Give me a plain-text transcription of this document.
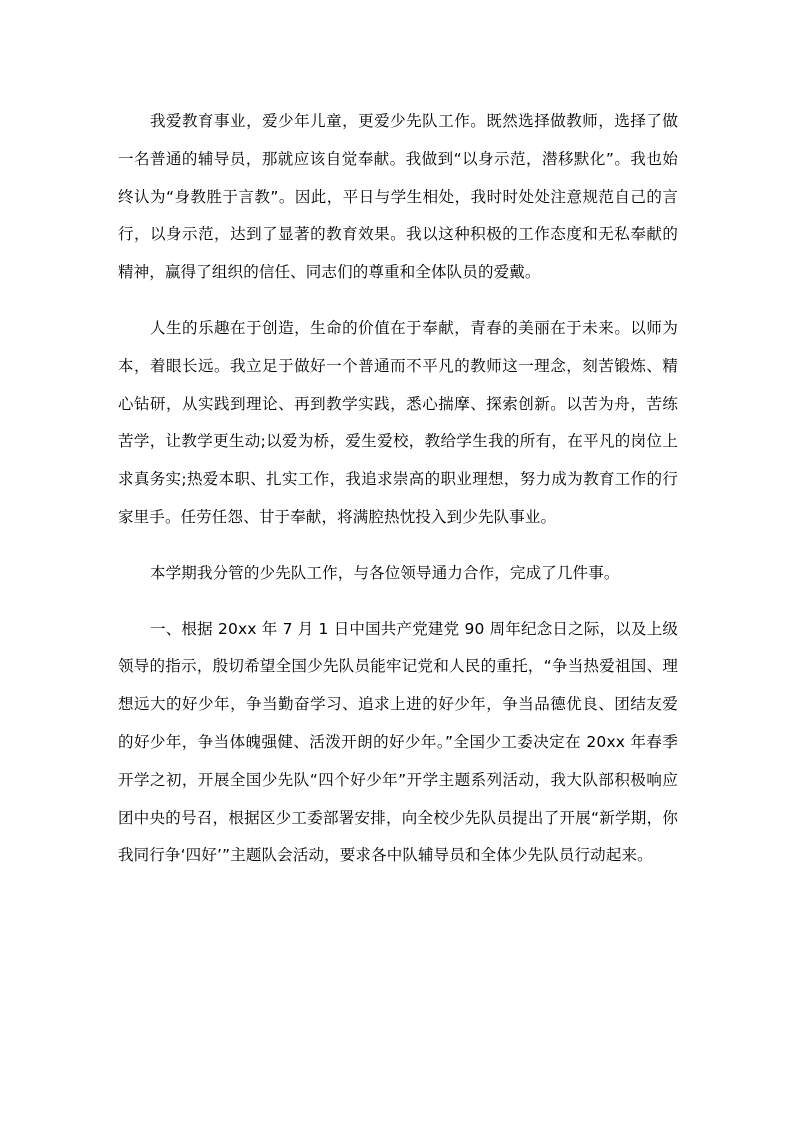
我爱教育事业，爱少年儿童，更爱少先队工作。既然选择做教师，选择了做一名普通的辅导员，那就应该自觉奉献。我做到“以身示范，潜移默化”。我也始终认为“身教胜于言教”。因此，平日与学生相处，我时时处处注意规范自己的言行，以身示范，达到了显著的教育效果。我以这种积极的工作态度和无私奉献的精神，赢得了组织的信任、同志们的尊重和全体队员的爱戴。

人生的乐趣在于创造，生命的价值在于奉献，青春的美丽在于未来。以师为本，着眼长远。我立足于做好一个普通而不平凡的教师这一理念，刻苦锻炼、精心钻研，从实践到理论、再到教学实践，悉心揣摩、探索创新。以苦为舟，苦练苦学，让教学更生动;以爱为桥，爱生爱校，教给学生我的所有，在平凡的岗位上求真务实;热爱本职、扎实工作，我追求崇高的职业理想，努力成为教育工作的行家里手。任劳任怨、甘于奉献，将满腔热忱投入到少先队事业。

本学期我分管的少先队工作，与各位领导通力合作，完成了几件事。

一、根据 20xx 年 7 月 1 日中国共产党建党 90 周年纪念日之际，以及上级领导的指示，殷切希望全国少先队员能牢记党和人民的重托，“争当热爱祖国、理想远大的好少年，争当勤奋学习、追求上进的好少年，争当品德优良、团结友爱的好少年，争当体魄强健、活泼开朗的好少年。”全国少工委决定在 20xx 年春季开学之初，开展全国少先队“四个好少年”开学主题系列活动，我大队部积极响应团中央的号召，根据区少工委部署安排，向全校少先队员提出了开展“新学期，你我同行争‘四好’”主题队会活动，要求各中队辅导员和全体少先队员行动起来。
